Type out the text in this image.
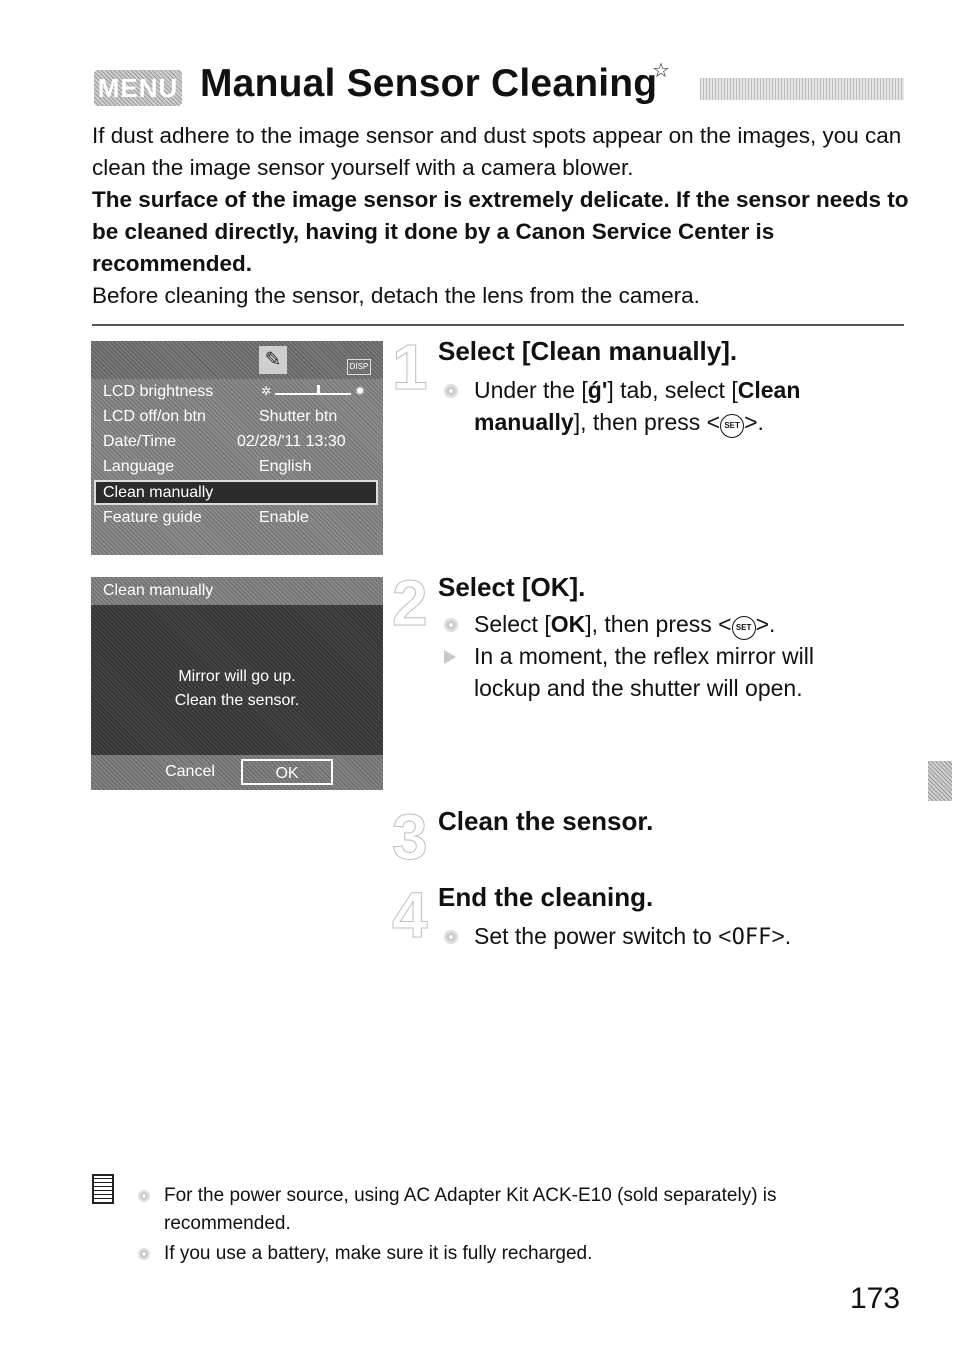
MENU Manual Sensor Cleaning
☆

If dust adhere to the image sensor and dust spots appear on the images, you can clean the image sensor yourself with a camera blower.

The surface of the image sensor is extremely delicate. If the sensor needs to be cleaned directly, having it done by a Canon Service Center is recommended.

Before cleaning the sensor, detach the lens from the camera.

✎	DISP
LCD brightness	✲	✹
LCD off/on btn	Shutter btn
Date/Time	02/28/'11 13:30
Language	English
Clean manually
Feature guide	Enable
Clean manually
Mirror will go up.
Clean the sensor.
Cancel	OK
1
2
3
4
Select [Clean manually].
Under the [ǵ'] tab, select [Clean manually], then press < SET >.
Select [OK].
Select [OK], then press < SET >.
In a moment, the reflex mirror will lockup and the shutter will open.
Clean the sensor.
End the cleaning.
Set the power switch to <OFF>.
For the power source, using AC Adapter Kit ACK-E10 (sold separately) is recommended.
If you use a battery, make sure it is fully recharged.
173
